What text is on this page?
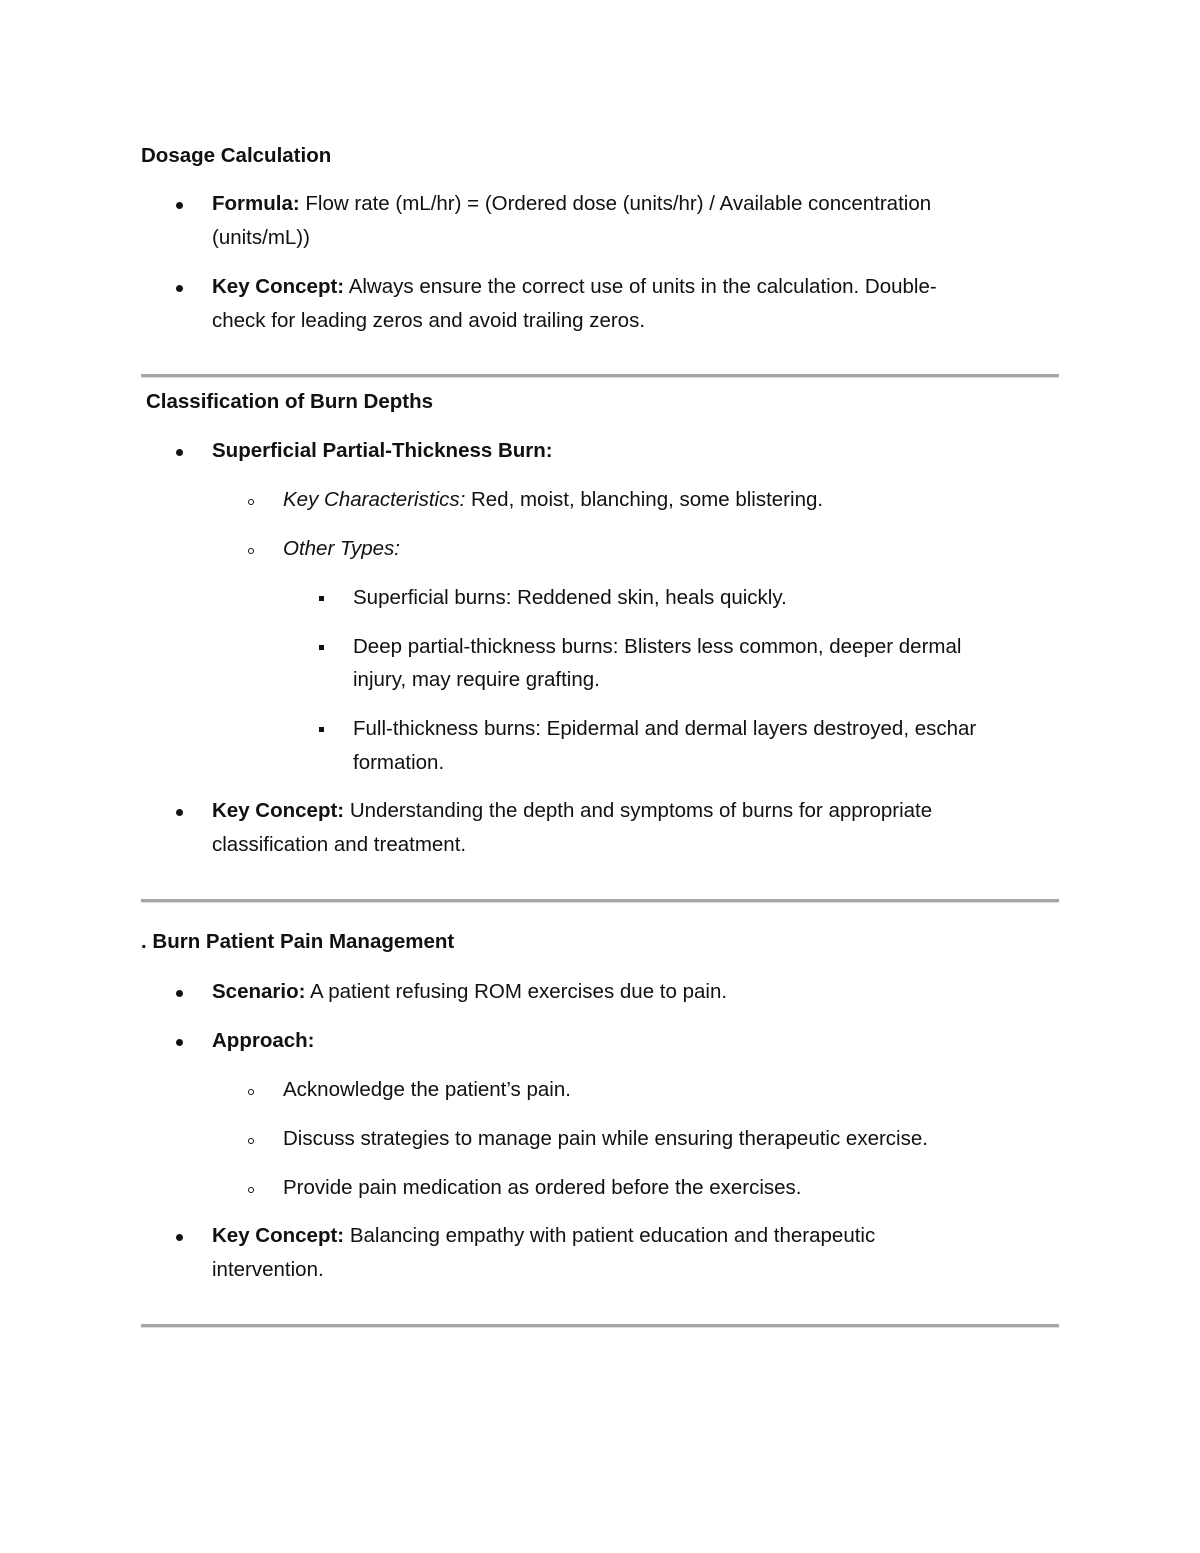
Dosage Calculation
Formula: Flow rate (mL/hr) = (Ordered dose (units/hr) / Available concentration
(units/mL))
Key Concept: Always ensure the correct use of units in the calculation. Double-
check for leading zeros and avoid trailing zeros.
Classification of Burn Depths
Superficial Partial-Thickness Burn:
Key Characteristics: Red, moist, blanching, some blistering.
Other Types:
Superficial burns: Reddened skin, heals quickly.
Deep partial-thickness burns: Blisters less common, deeper dermal
injury, may require grafting.
Full-thickness burns: Epidermal and dermal layers destroyed, eschar
formation.
Key Concept: Understanding the depth and symptoms of burns for appropriate
classification and treatment.
. Burn Patient Pain Management
Scenario: A patient refusing ROM exercises due to pain.
Approach:
Acknowledge the patient’s pain.
Discuss strategies to manage pain while ensuring therapeutic exercise.
Provide pain medication as ordered before the exercises.
Key Concept: Balancing empathy with patient education and therapeutic
intervention.
